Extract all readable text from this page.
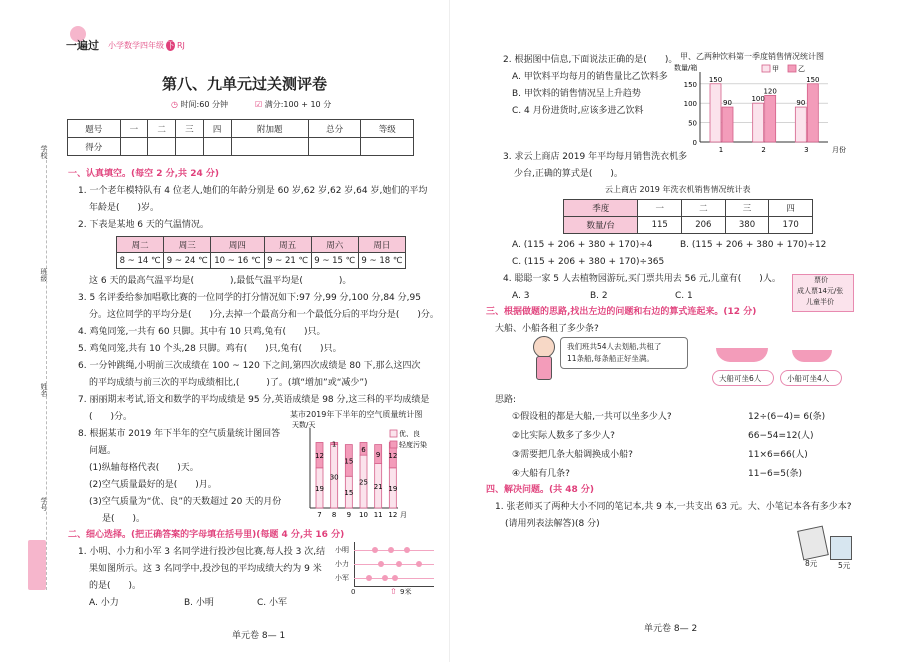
一遍过 小学数学四年级 下 RJ
第八、九单元过关测评卷
◷ 时间:60 分钟	☑ 满分:100 + 10 分
题号	一	二	三	四	附加题	总分	等级
得分							
学校
班级
姓名
学号
一、认真填空。(每空 2 分,共 24 分)
1. 一个老年模特队有 4 位老人,她们的年龄分别是 60 岁,62 岁,62 岁,64 岁,她们的平均
年龄是(　　)岁。
2. 下表是某地 6 天的气温情况。
周二	周三	周四	周五	周六	周日
8 ~ 14 ℃	9 ~ 24 ℃	10 ~ 16 ℃	9 ~ 21 ℃	9 ~ 15 ℃	9 ~ 18 ℃
这 6 天的最高气温平均是(　　　　),最低气温平均是(　　　　)。
3. 5 名评委给参加唱歌比赛的一位同学的打分情况如下:97 分,99 分,100 分,84 分,95
分。这位同学的平均分是(　　)分,去掉一个最高分和一个最低分后的平均分是(　　)分。
4. 鸡兔同笼,一共有 60 只脚。其中有 10 只鸡,兔有(　　)只。
5. 鸡兔同笼,共有 10 个头,28 只脚。鸡有(　　)只,兔有(　　)只。
6. 一分钟跳绳,小明前三次成绩在 100 ~ 120 下之间,第四次成绩是 80 下,那么这四次
的平均成绩与前三次的平均成绩相比,(　　　)了。(填“增加”或“减少”)
7. 丽丽期末考试,语文和数学的平均成绩是 95 分,英语成绩是 98 分,这三科的平均成绩是
(　　)分。
8. 根据某市 2019 年下半年的空气质量统计图回答
问题。
(1)纵轴每格代表(　　)天。
(2)空气质量最好的是(　　)月。
(3)空气质量为“优、良”的天数超过 20 天的月份
是(　　)。
某市2019年下半年的空气质量统计图
天数/天
19
12
7
30
1
8
15
15
9
25
6
10
21
9
11
19
12
12 月
优、良
轻度污染
二、细心选择。(把正确答案的字母填在括号里)(每题 4 分,共 16 分)
1. 小明、小力和小军 3 名同学进行投沙包比赛,每人投 3 次,结
果如图所示。这 3 名同学中,投沙包的平均成绩大约为 9 米
的是(　　)。
A. 小力	B. 小明	C. 小军
小明
小力
小军
0	⇧ 9米
单元卷 8— 1
2. 根据图中信息,下面说法正确的是(　　)。
A. 甲饮料平均每月的销售量比乙饮料多
B. 甲饮料的销售情况呈上升趋势
C. 4 月份进货时,应该多进乙饮料
甲、乙两种饮料第一季度销售情况统计图
数量/箱
0
50
100
150
150
90
1
100
120
2
90
150
3	月份
甲	乙
3. 求云上商店 2019 年平均每月销售洗衣机多
少台,正确的算式是(　　)。
云上商店 2019 年洗衣机销售情况统计表
季度	一	二	三	四
数量/台	115	206	380	170
A. (115 + 206 + 380 + 170)÷4	B. (115 + 206 + 380 + 170)÷12
C. (115 + 206 + 380 + 170)÷365
4. 聪聪一家 5 人去植物园游玩,买门票共用去 56 元,儿童有(　　)人。
A. 3	B. 2	C. 1
票价
成人票14元/张
儿童半价
三、根据做题的思路,找出左边的问题和右边的算式连起来。(12 分)
大船、小船各租了多少条?
我们班共54人去划船,共租了
11条船,每条船正好坐满。
大船可坐6人	小船可坐4人
思路:
①假设租的都是大船,一共可以坐多少人?
②比实际人数多了多少人?
③需要把几条大船调换成小船?
④大船有几条?
12÷(6−4)= 6(条)
66−54=12(人)
11×6=66(人)
11−6=5(条)
四、解决问题。(共 48 分)
1. 张老师买了两种大小不同的笔记本,共 9 本,一共支出 63 元。大、小笔记本各有多少本?
(请用列表法解答)(8 分)
8元	5元
单元卷 8— 2
